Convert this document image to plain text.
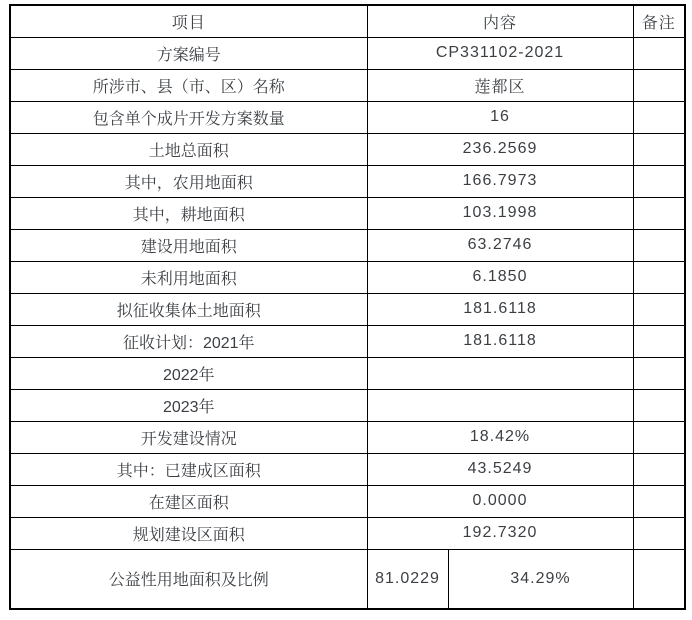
项目	内容		备注
方案编号	CP331102-2021		
所涉市、县（市、区）名称	莲都区		
包含单个成片开发方案数量	16		
土地总面积	236.2569		
其中，农用地面积	166.7973		
其中，耕地面积	103.1998		
建设用地面积	63.2746		
未利用地面积	6.1850		
拟征收集体土地面积	181.6118		
征收计划：2021年	181.6118		
2022年			
2023年			
开发建设情况	18.42%		
其中：已建成区面积	43.5249		
在建区面积	0.0000		
规划建设区面积	192.7320		
公益性用地面积及比例	81.0229	34.29%	
